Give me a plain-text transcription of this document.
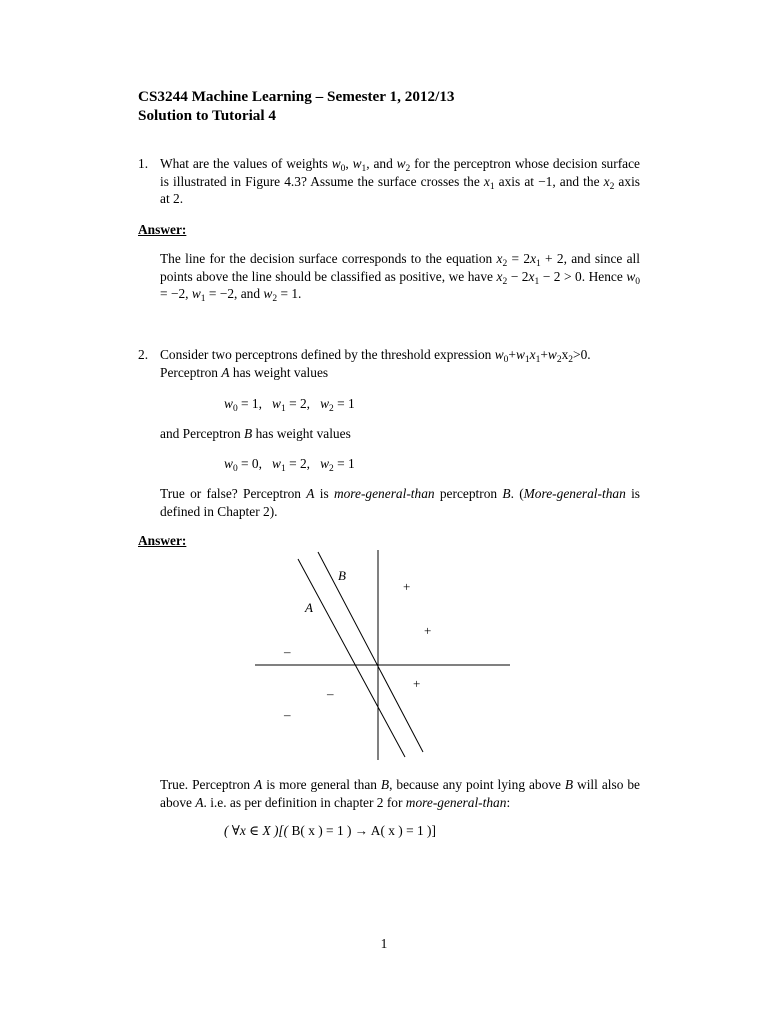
CS3244 Machine Learning – Semester 1, 2012/13
Solution to Tutorial 4
1. What are the values of weights $w_0$, $w_1$, and $w_2$ for the perceptron whose decision surface is illustrated in Figure 4.3? Assume the surface crosses the $x_1$ axis at −1, and the $x_2$ axis at 2.
Answer:
The line for the decision surface corresponds to the equation $x_2 = 2x_1 + 2$, and since all points above the line should be classified as positive, we have $x_2 - 2x_1 - 2 > 0$. Hence $w_0 = -2$, $w_1 = -2$, and $w_2 = 1$.
2. Consider two perceptrons defined by the threshold expression $w_0+w_1x_1+w_2x_2>0$.
Perceptron A has weight values
$w_0 = 1$,   $w_1 = 2$,   $w_2 = 1$
and Perceptron B has weight values
$w_0 = 0$,   $w_1 = 2$,   $w_2 = 1$
True or false? Perceptron A is more-general-than perceptron B. (More-general-than is defined in Chapter 2).
Answer:
B
A
+
+
+
–
–
–
True. Perceptron A is more general than B, because any point lying above B will also be above A. i.e. as per definition in chapter 2 for more-general-than:
( ∀x ∈ X )[( B( x ) = 1 ) → A( x ) = 1 )]
1
